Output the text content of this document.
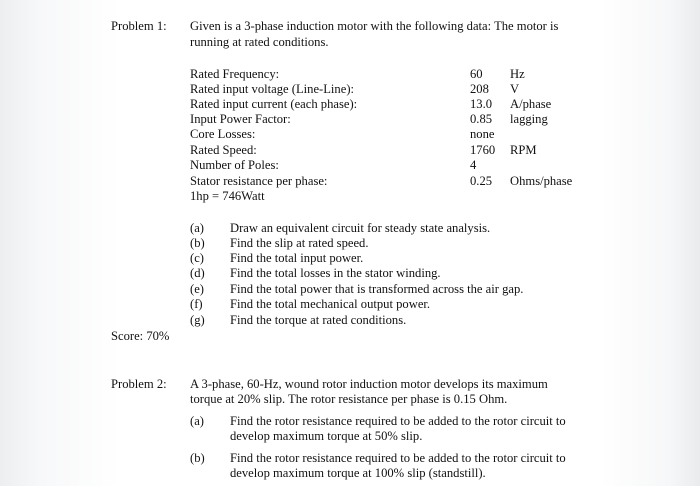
Problem 1: Given is a 3-phase induction motor with the following data: The motor is
running at rated conditions.
Rated Frequency:	60 Hz
Rated input voltage (Line-Line):	208 V
Rated input current (each phase):	13.0 A/phase
Input Power Factor:	0.85 lagging
Core Losses:	none
Rated Speed:	1760 RPM
Number of Poles:	4
Stator resistance per phase:	0.25 Ohms/phase
1hp = 746Watt
(a) Draw an equivalent circuit for steady state analysis.
(b) Find the slip at rated speed.
(c) Find the total input power.
(d) Find the total losses in the stator winding.
(e) Find the total power that is transformed across the air gap.
(f) Find the total mechanical output power.
(g) Find the torque at rated conditions.
Score: 70%
Problem 2: A 3-phase, 60-Hz, wound rotor induction motor develops its maximum
torque at 20% slip. The rotor resistance per phase is 0.15 Ohm.
(a) Find the rotor resistance required to be added to the rotor circuit to
develop maximum torque at 50% slip.
(b) Find the rotor resistance required to be added to the rotor circuit to
develop maximum torque at 100% slip (standstill).
